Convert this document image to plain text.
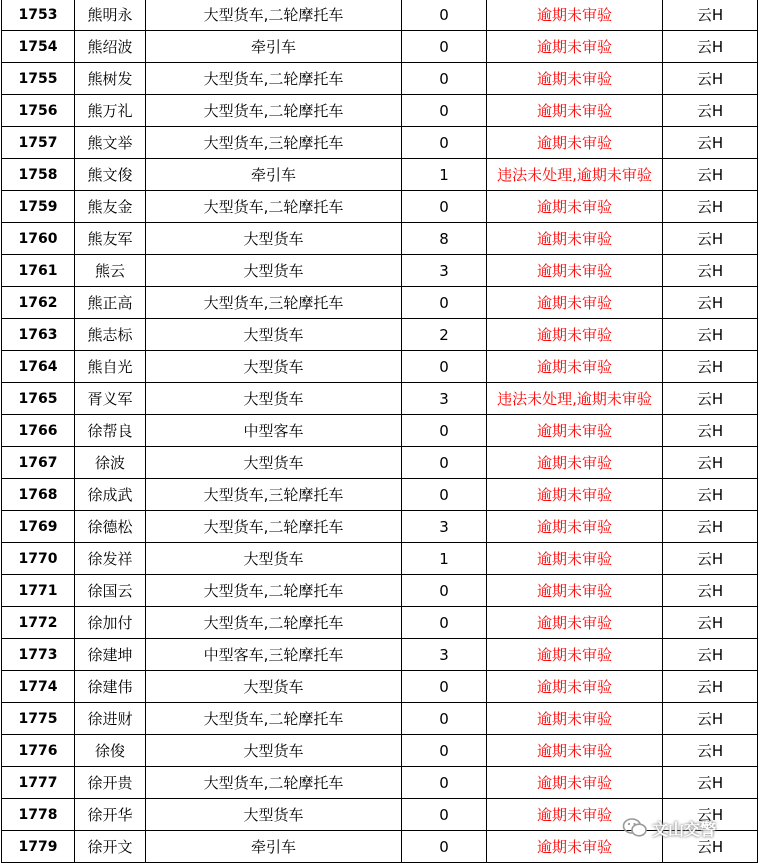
1753	熊明永	大型货车,二轮摩托车	0	逾期未审验	云H
1754	熊绍波	牵引车	0	逾期未审验	云H
1755	熊树发	大型货车,二轮摩托车	0	逾期未审验	云H
1756	熊万礼	大型货车,二轮摩托车	0	逾期未审验	云H
1757	熊文举	大型货车,三轮摩托车	0	逾期未审验	云H
1758	熊文俊	牵引车	1	违法未处理,逾期未审验	云H
1759	熊友金	大型货车,二轮摩托车	0	逾期未审验	云H
1760	熊友军	大型货车	8	逾期未审验	云H
1761	熊云	大型货车	3	逾期未审验	云H
1762	熊正高	大型货车,三轮摩托车	0	逾期未审验	云H
1763	熊志标	大型货车	2	逾期未审验	云H
1764	熊自光	大型货车	0	逾期未审验	云H
1765	胥义军	大型货车	3	违法未处理,逾期未审验	云H
1766	徐帮良	中型客车	0	逾期未审验	云H
1767	徐波	大型货车	0	逾期未审验	云H
1768	徐成武	大型货车,三轮摩托车	0	逾期未审验	云H
1769	徐德松	大型货车,二轮摩托车	3	逾期未审验	云H
1770	徐发祥	大型货车	1	逾期未审验	云H
1771	徐国云	大型货车,二轮摩托车	0	逾期未审验	云H
1772	徐加付	大型货车,二轮摩托车	0	逾期未审验	云H
1773	徐建坤	中型客车,三轮摩托车	3	逾期未审验	云H
1774	徐建伟	大型货车	0	逾期未审验	云H
1775	徐进财	大型货车,二轮摩托车	0	逾期未审验	云H
1776	徐俊	大型货车	0	逾期未审验	云H
1777	徐开贵	大型货车,二轮摩托车	0	逾期未审验	云H
1778	徐开华	大型货车	0	逾期未审验	云H
1779	徐开文	牵引车	0	逾期未审验	云H
文山交警
